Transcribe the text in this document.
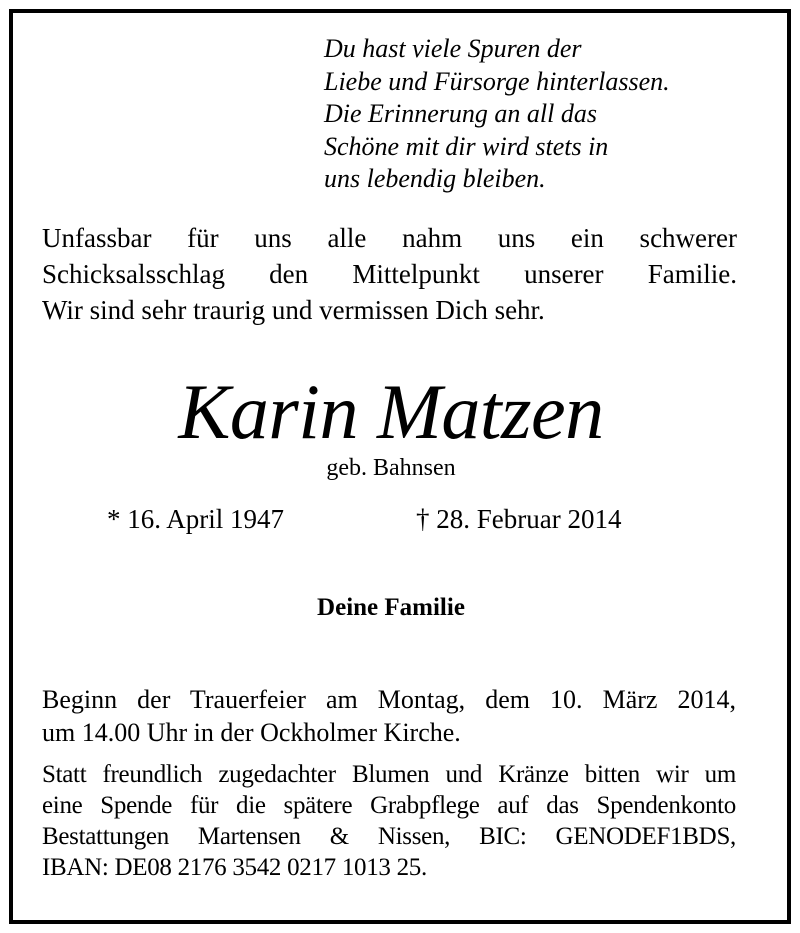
Du hast viele Spuren der
Liebe und Fürsorge hinterlassen.
Die Erinnerung an all das
Schöne mit dir wird stets in
uns lebendig bleiben.
Unfassbar für uns alle nahm uns ein schwerer
Schicksalsschlag den Mittelpunkt unserer Familie.
Wir sind sehr traurig und vermissen Dich sehr.
Karin Matzen
geb. Bahnsen
* 16. April 1947	† 28. Februar 2014
Deine Familie
Beginn der Trauerfeier am Montag, dem 10. März 2014,
um 14.00 Uhr in der Ockholmer Kirche.
Statt freundlich zugedachter Blumen und Kränze bitten wir um
eine Spende für die spätere Grabpflege auf das Spendenkonto
Bestattungen Martensen & Nissen, BIC: GENODEF1BDS,
IBAN: DE08 2176 3542 0217 1013 25.
